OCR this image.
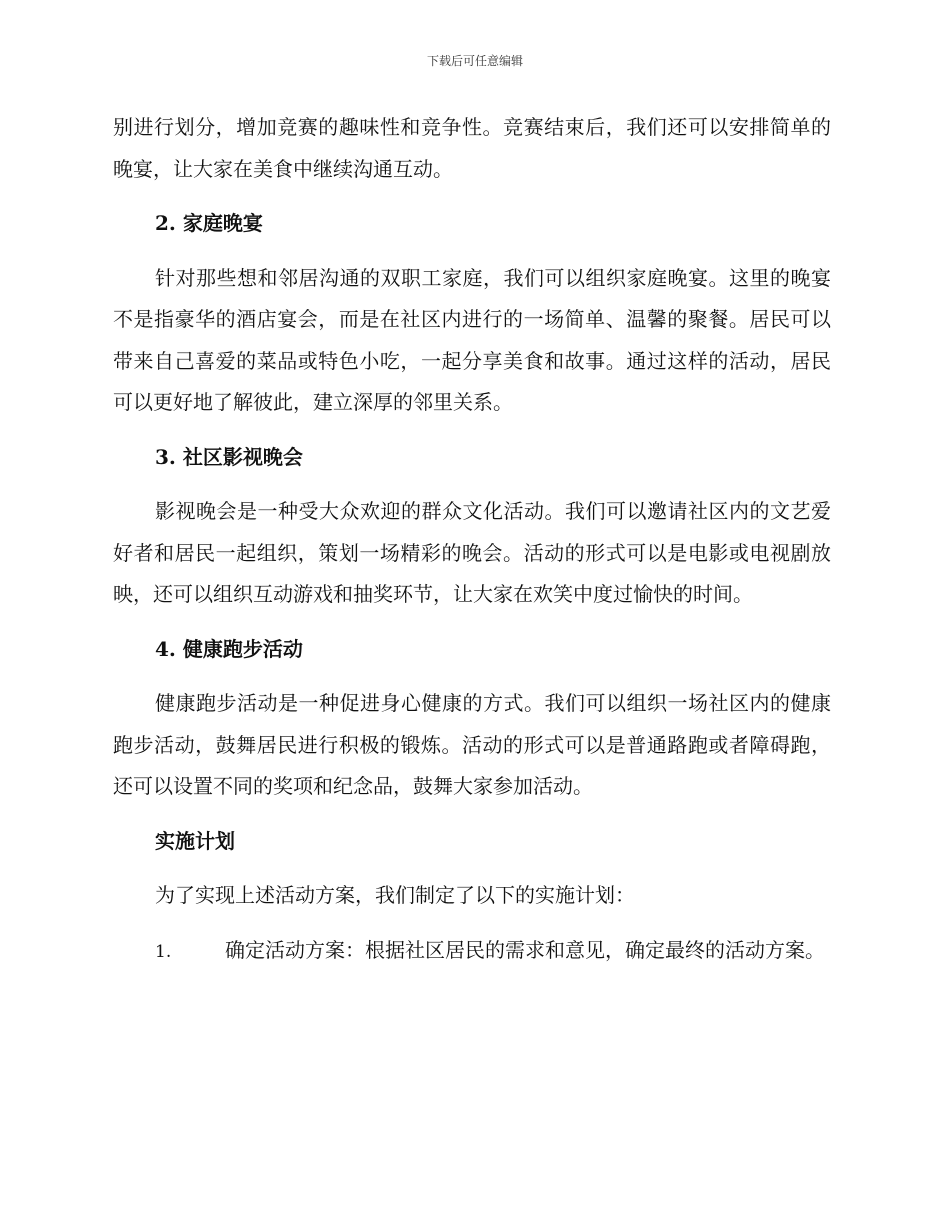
下载后可任意编辑

别进行划分，增加竞赛的趣味性和竞争性。竞赛结束后，我们还可以安排简单的晚宴，让大家在美食中继续沟通互动。

2. 家庭晚宴

针对那些想和邻居沟通的双职工家庭，我们可以组织家庭晚宴。这里的晚宴不是指豪华的酒店宴会，而是在社区内进行的一场简单、温馨的聚餐。居民可以带来自己喜爱的菜品或特色小吃，一起分享美食和故事。通过这样的活动，居民可以更好地了解彼此，建立深厚的邻里关系。

3. 社区影视晚会

影视晚会是一种受大众欢迎的群众文化活动。我们可以邀请社区内的文艺爱好者和居民一起组织，策划一场精彩的晚会。活动的形式可以是电影或电视剧放映，还可以组织互动游戏和抽奖环节，让大家在欢笑中度过愉快的时间。

4. 健康跑步活动

健康跑步活动是一种促进身心健康的方式。我们可以组织一场社区内的健康跑步活动，鼓舞居民进行积极的锻炼。活动的形式可以是普通路跑或者障碍跑，还可以设置不同的奖项和纪念品，鼓舞大家参加活动。

实施计划

为了实现上述活动方案，我们制定了以下的实施计划：

1.	确定活动方案：根据社区居民的需求和意见，确定最终的活动方案。
